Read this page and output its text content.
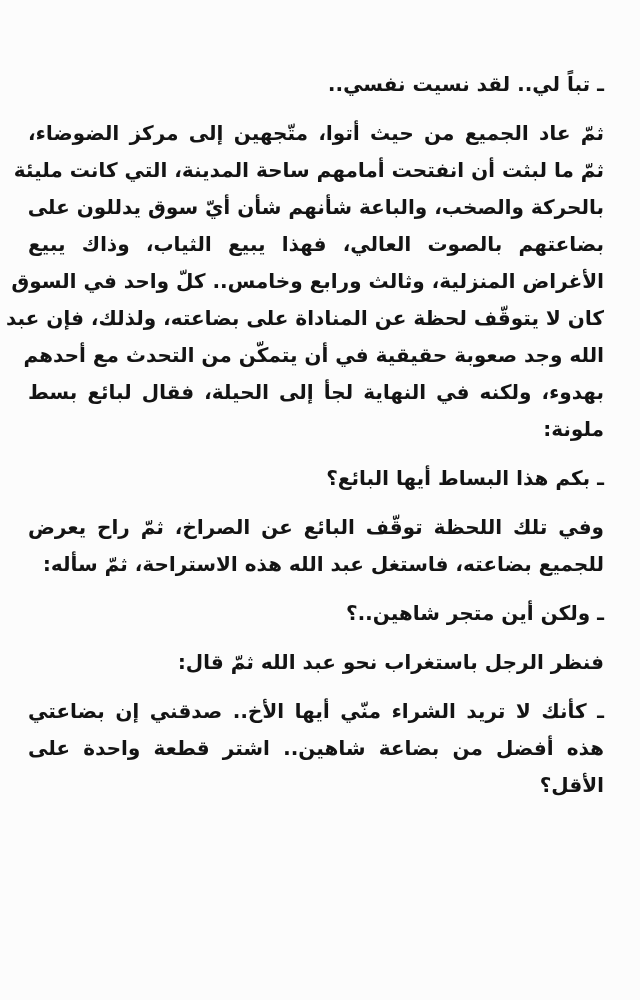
ـ تباً لي.. لقد نسيت نفسي..

ثمّ عاد الجميع من حيث أتوا، متّجهين إلى مركز الضوضاء،
ثمّ ما لبثت أن انفتحت أمامهم ساحة المدينة، التي كانت مليئة
بالحركة والصخب، والباعة شأنهم شأن أيّ سوق يدللون على
بضاعتهم بالصوت العالي، فهذا يبيع الثياب، وذاك يبيع
الأغراض المنزلية، وثالث ورابع وخامس.. كلّ واحد في السوق
كان لا يتوقّف لحظة عن المناداة على بضاعته، ولذلك، فإن عبد
الله وجد صعوبة حقيقية في أن يتمكّن من التحدث مع أحدهم
بهدوء، ولكنه في النهاية لجأ إلى الحيلة، فقال لبائع بسط
ملونة:

ـ بكم هذا البساط أيها البائع؟

وفي تلك اللحظة توقّف البائع عن الصراخ، ثمّ راح يعرض
للجميع بضاعته، فاستغل عبد الله هذه الاستراحة، ثمّ سأله:

ـ ولكن أين متجر شاهين..؟

فنظر الرجل باستغراب نحو عبد الله ثمّ قال:

ـ كأنك لا تريد الشراء منّي أيها الأخ.. صدقني إن بضاعتي
هذه أفضل من بضاعة شاهين.. اشتر قطعة واحدة على
الأقل؟
